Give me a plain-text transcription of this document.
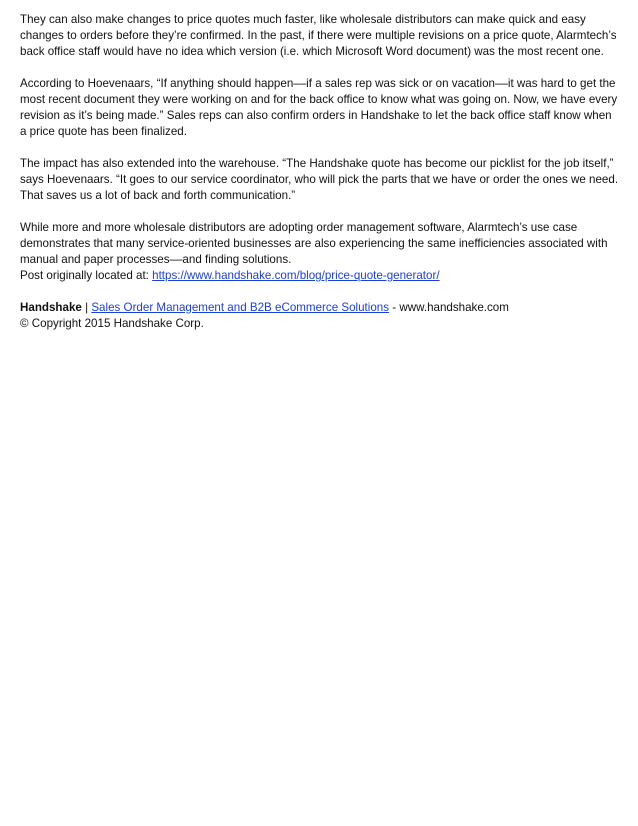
They can also make changes to price quotes much faster, like wholesale distributors can make quick and easy changes to orders before they’re confirmed. In the past, if there were multiple revisions on a price quote, Alarmtech’s back office staff would have no idea which version (i.e. which Microsoft Word document) was the most recent one.

According to Hoevenaars, “If anything should happen––if a sales rep was sick or on vacation––it was hard to get the most recent document they were working on and for the back office to know what was going on. Now, we have every revision as it’s being made.” Sales reps can also confirm orders in Handshake to let the back office staff know when a price quote has been finalized.

The impact has also extended into the warehouse. “The Handshake quote has become our picklist for the job itself,” says Hoevenaars. “It goes to our service coordinator, who will pick the parts that we have or order the ones we need. That saves us a lot of back and forth communication.”

While more and more wholesale distributors are adopting order management software, Alarmtech’s use case demonstrates that many service-oriented businesses are also experiencing the same inefficiencies associated with manual and paper processes––and finding solutions.

Post originally located at: https://www.handshake.com/blog/price-quote-generator/

Handshake | Sales Order Management and B2B eCommerce Solutions - www.handshake.com

© Copyright 2015 Handshake Corp.
